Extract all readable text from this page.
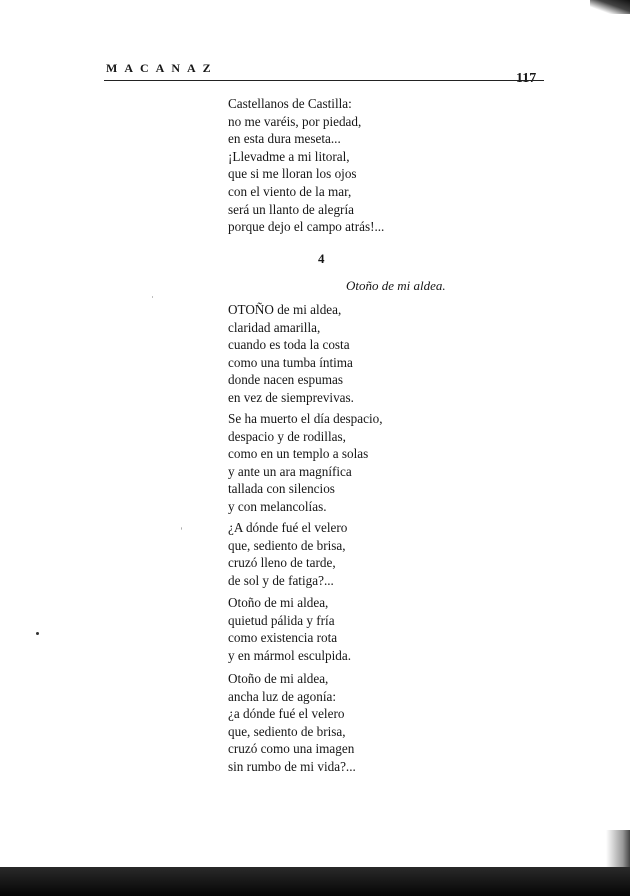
MACANAZ
117
Castellanos de Castilla:
no me varéis, por piedad,
en esta dura meseta...
¡Llevadme a mi litoral,
que si me lloran los ojos
con el viento de la mar,
será un llanto de alegría
porque dejo el campo atrás!...
4
Otoño de mi aldea.
OTOÑO de mi aldea,
claridad amarilla,
cuando es toda la costa
como una tumba íntima
donde nacen espumas
en vez de siemprevivas.
Se ha muerto el día despacio,
despacio y de rodillas,
como en un templo a solas
y ante un ara magnífica
tallada con silencios
y con melancolías.
¿A dónde fué el velero
que, sediento de brisa,
cruzó lleno de tarde,
de sol y de fatiga?...
Otoño de mi aldea,
quietud pálida y fría
como existencia rota
y en mármol esculpida.
Otoño de mi aldea,
ancha luz de agonía:
¿a dónde fué el velero
que, sediento de brisa,
cruzó como una imagen
sin rumbo de mi vida?...
